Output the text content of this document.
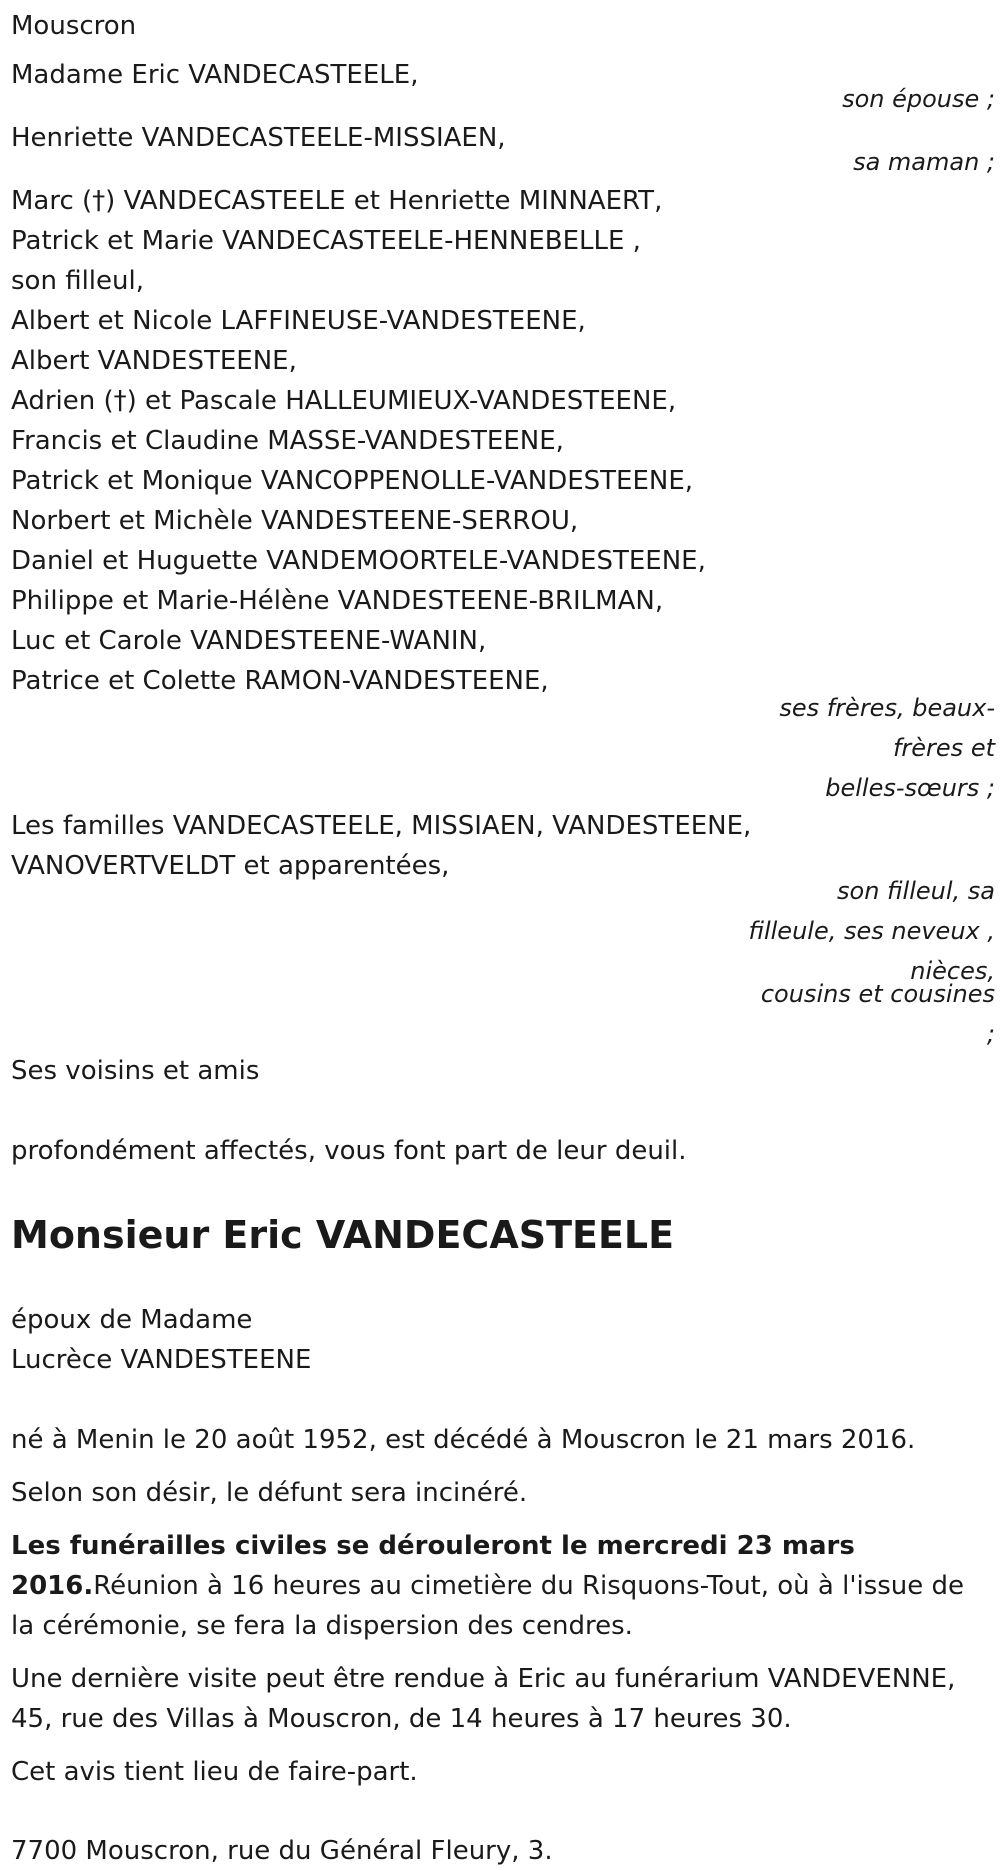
Mouscron
Madame Eric VANDECASTEELE,
son épouse ;
Henriette VANDECASTEELE-MISSIAEN,
sa maman ;
Marc (†) VANDECASTEELE et Henriette MINNAERT,
Patrick et Marie VANDECASTEELE-HENNEBELLE ,
son filleul,
Albert et Nicole LAFFINEUSE-VANDESTEENE,
Albert VANDESTEENE,
Adrien (†) et Pascale HALLEUMIEUX-VANDESTEENE,
Francis et Claudine MASSE-VANDESTEENE,
Patrick et Monique VANCOPPENOLLE-VANDESTEENE,
Norbert et Michèle VANDESTEENE-SERROU,
Daniel et Huguette VANDEMOORTELE-VANDESTEENE,
Philippe et Marie-Hélène VANDESTEENE-BRILMAN,
Luc et Carole VANDESTEENE-WANIN,
Patrice et Colette RAMON-VANDESTEENE,
ses frères, beaux-
frères et
belles-sœurs ;
Les familles VANDECASTEELE, MISSIAEN, VANDESTEENE,
VANOVERTVELDT et apparentées,
son filleul, sa
filleule, ses neveux ,
nièces,
cousins et cousines
;
Ses voisins et amis
profondément affectés, vous font part de leur deuil.
Monsieur Eric VANDECASTEELE
époux de Madame
Lucrèce VANDESTEENE
né à Menin le 20 août 1952, est décédé à Mouscron le 21 mars 2016.
Selon son désir, le défunt sera incinéré.
Les funérailles civiles se dérouleront le mercredi 23 mars
2016.Réunion à 16 heures au cimetière du Risquons-Tout, où à l'issue de
la cérémonie, se fera la dispersion des cendres.
Une dernière visite peut être rendue à Eric au funérarium VANDEVENNE,
45, rue des Villas à Mouscron, de 14 heures à 17 heures 30.
Cet avis tient lieu de faire-part.
7700 Mouscron, rue du Général Fleury, 3.
